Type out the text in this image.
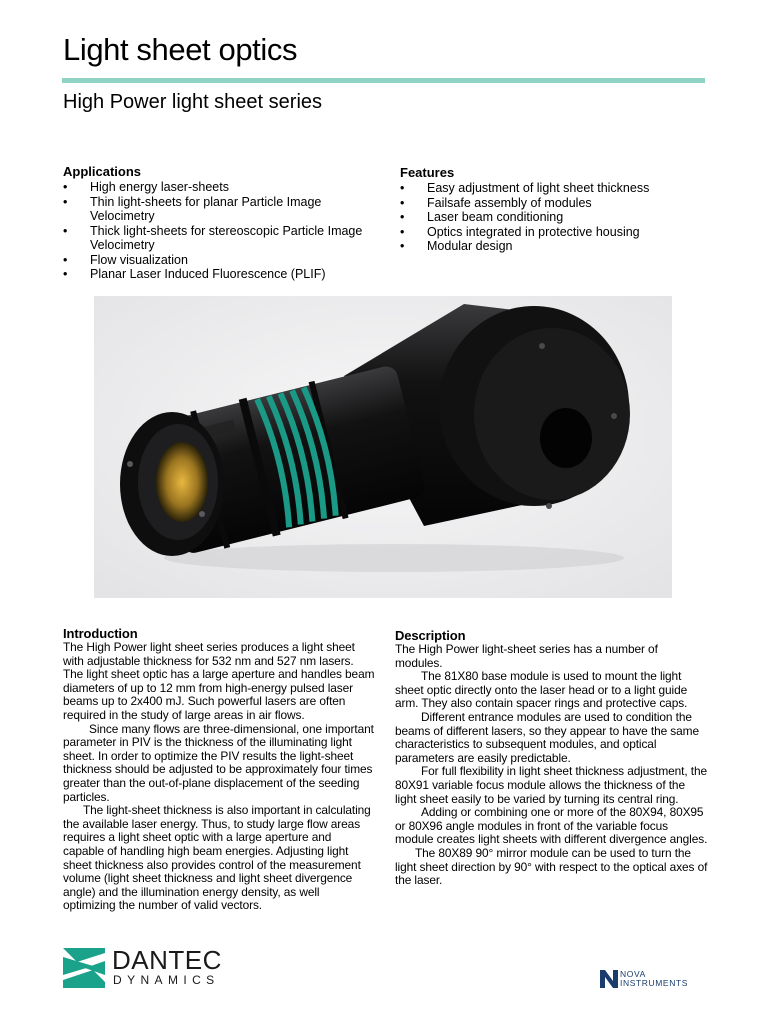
Light sheet optics
High Power light sheet series
Applications
• High energy laser-sheets
• Thin light-sheets for planar Particle Image Velocimetry
• Thick light-sheets for stereoscopic Particle Image Velocimetry
• Flow visualization
• Planar Laser Induced Fluorescence (PLIF)
Features
• Easy adjustment of light sheet thickness
• Failsafe assembly of modules
• Laser beam conditioning
• Optics integrated in protective housing
• Modular design
Introduction

The High Power light sheet series produces a light sheet with adjustable thickness for 532 nm and 527 nm lasers. The light sheet optic has a large aperture and handles beam diameters of up to 12 mm from high-energy pulsed laser beams up to 2x400 mJ. Such powerful lasers are often required in the study of large areas in air flows.

Since many flows are three-dimensional, one important parameter in PIV is the thickness of the illuminating light sheet. In order to optimize the PIV results the light-sheet thickness should be adjusted to be approximately four times greater than the out-of-plane displacement of the seeding particles.

The light-sheet thickness is also important in calculating the available laser energy. Thus, to study large flow areas requires a light sheet optic with a large aperture and capable of handling high beam energies. Adjusting light sheet thickness also provides control of the measurement volume (light sheet thickness and light sheet divergence angle) and the illumination energy density, as well optimizing the number of valid vectors.

Description

The High Power light-sheet series has a number of modules.

The 81X80 base module is used to mount the light sheet optic directly onto the laser head or to a light guide arm. They also contain spacer rings and protective caps.

Different entrance modules are used to condition the beams of different lasers, so they appear to have the same characteristics to subsequent modules, and optical parameters are easily predictable.

For full flexibility in light sheet thickness adjustment, the 80X91 variable focus module allows the thickness of the light sheet easily to be varied by turning its central ring.

Adding or combining one or more of the 80X94, 80X95 or 80X96 angle modules in front of the variable focus module creates light sheets with different divergence angles.

The 80X89 90° mirror module can be used to turn the light sheet direction by 90° with respect to the optical axes of the laser.

DANTEC
DYNAMICS	NOVA
INSTRUMENTS
